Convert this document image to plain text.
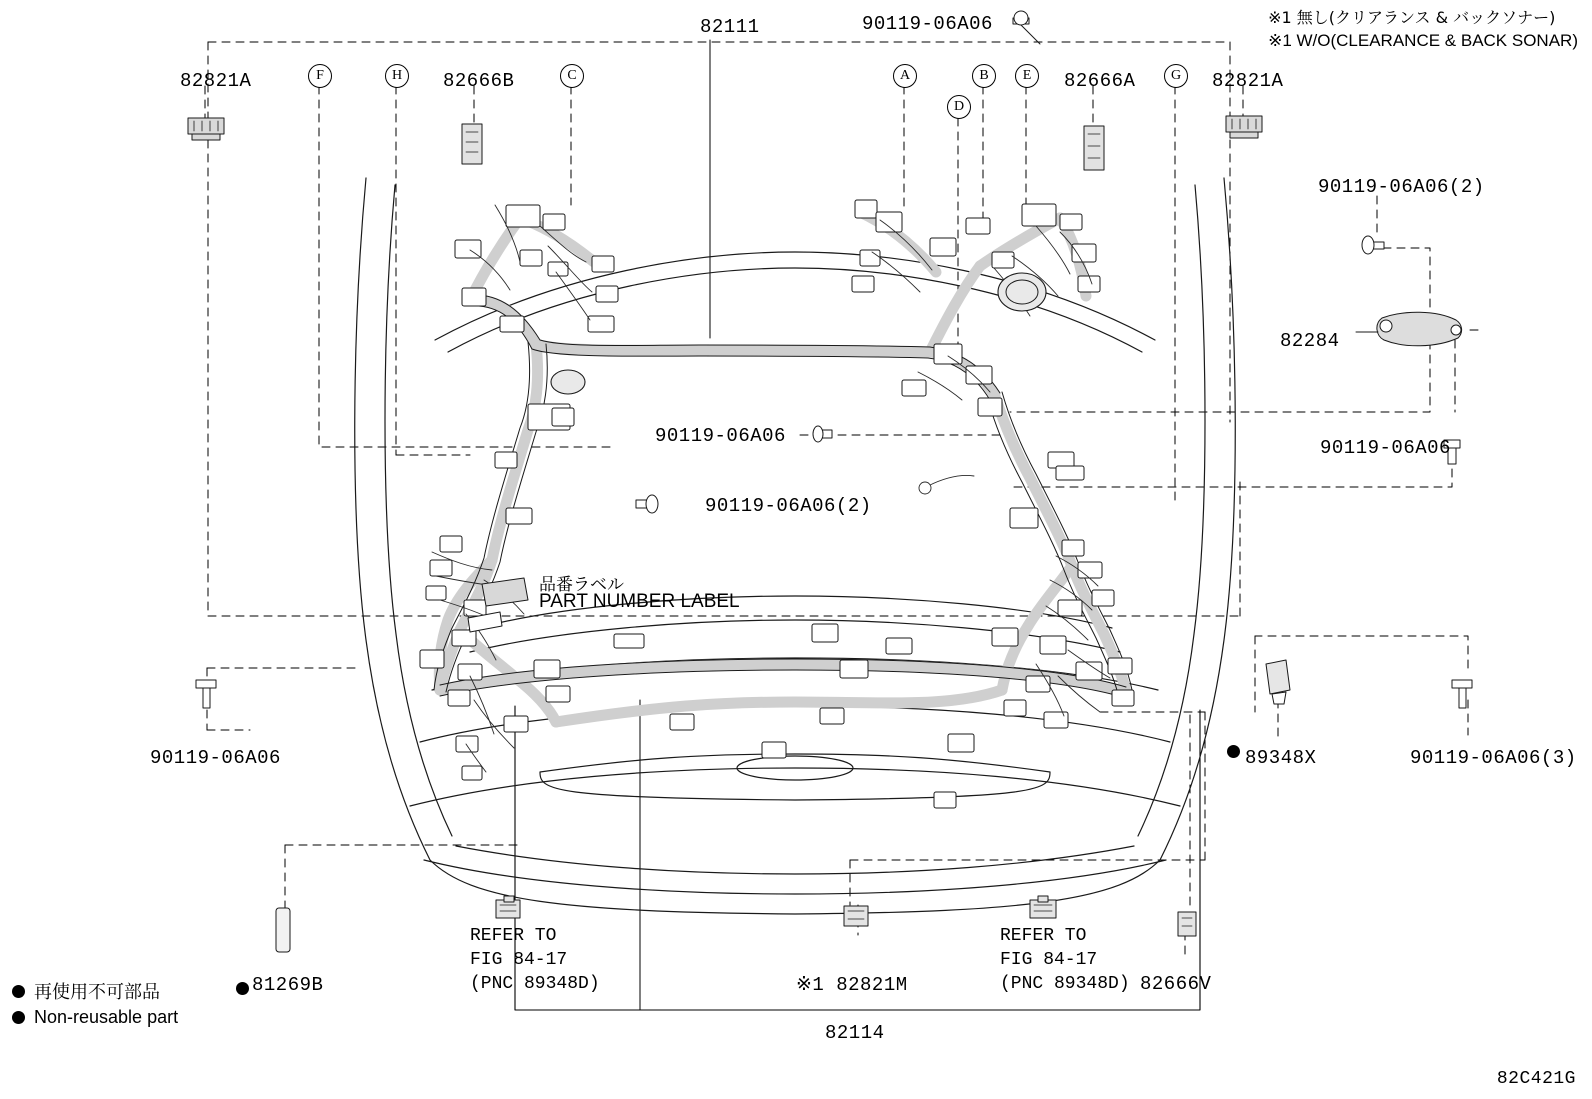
82111	90119-06A06
82821A	82666B	82666A	82821A
90119-06A06(2)
82284
90119-06A06
90119-06A06
90119-06A06(2)
品番ラベル
PART NUMBER LABEL
90119-06A06	89348X	90119-06A06(3)
81269B	※1 82821M	82666V
82114
REFER TO
FIG 84-17
(PNC 89348D)
REFER TO
FIG 84-17
(PNC 89348D)
F	H	C	A	B	E	G
D
※1 無し(クリアランス & バックソナー)
※1 W/O(CLEARANCE & BACK SONAR)
再使用不可部品
Non-reusable part
82C421G
